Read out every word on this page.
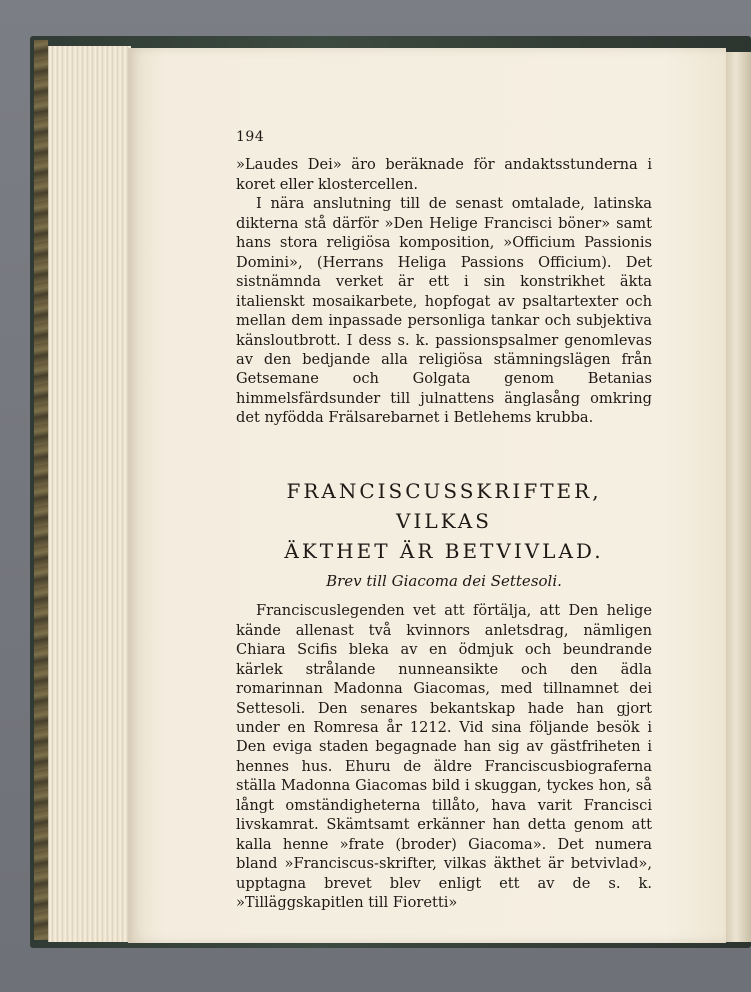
194

»Laudes Dei» äro beräknade för andaktsstunderna i koret eller klostercellen.

I nära anslutning till de senast omtalade, latinska dikterna stå därför »Den Helige Francisci böner» samt hans stora religiösa komposition, »Officium Passionis Domini», (Herrans Heliga Passions Officium). Det sistnämnda verket är ett i sin konstrikhet äkta italienskt mosaikarbete, hopfogat av psaltartexter och mellan dem inpassade personliga tankar och subjektiva känsloutbrott. I dess s. k. passionspsalmer genomlevas av den bedjande alla religiösa stämningslägen från Getsemane och Golgata genom Betanias himmelsfärdsunder till julnattens änglasång omkring det nyfödda Frälsarebarnet i Betlehems krubba.

FRANCISCUSSKRIFTER, VILKAS
ÄKTHET ÄR BETVIVLAD.
Brev till Giacoma dei Settesoli.

Franciscuslegenden vet att förtälja, att Den helige kände allenast två kvinnors anletsdrag, nämligen Chiara Scifis bleka av en ödmjuk och beundrande kärlek strålande nunneansikte och den ädla romarinnan Madonna Giacomas, med tillnamnet dei Settesoli. Den senares bekantskap hade han gjort under en Romresa år 1212. Vid sina följande besök i Den eviga staden begagnade han sig av gästfriheten i hennes hus. Ehuru de äldre Franciscusbiograferna ställa Madonna Giacomas bild i skuggan, tyckes hon, så långt omständigheterna tillåto, hava varit Francisci livskamrat. Skämtsamt erkänner han detta genom att kalla henne »frate (broder) Giacoma». Det numera bland »Franciscus-skrifter, vilkas äkthet är betvivlad», upptagna brevet blev enligt ett av de s. k. »Tilläggskapitlen till Fioretti»
